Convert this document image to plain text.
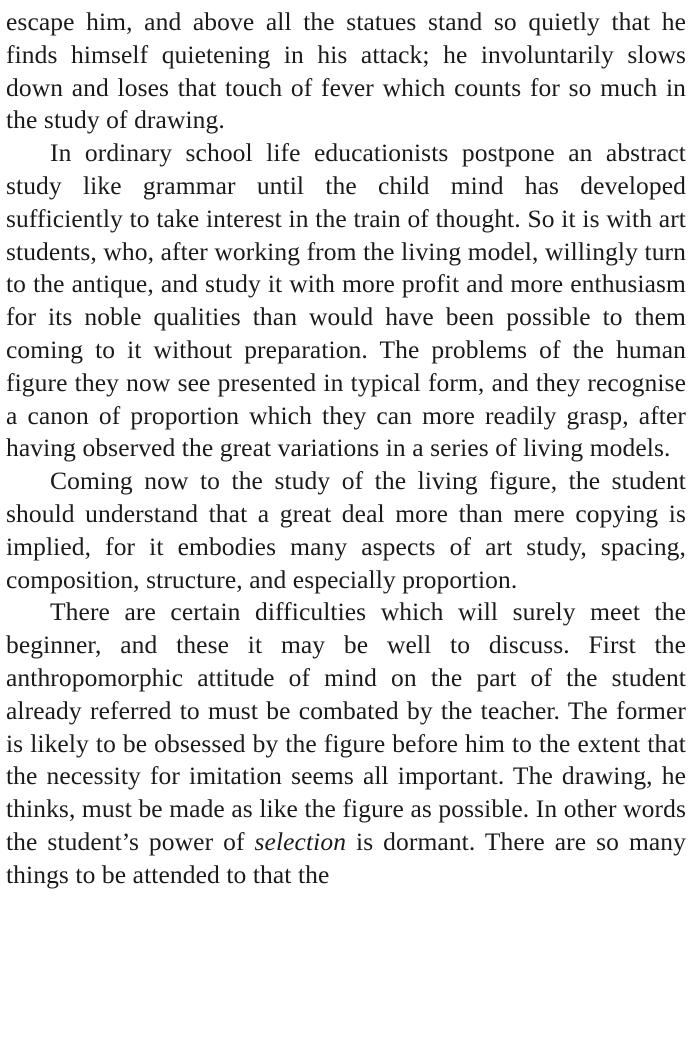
escape him, and above all the statues stand so quietly that he finds himself quietening in his attack; he involuntarily slows down and loses that touch of fever which counts for so much in the study of drawing.

In ordinary school life educationists postpone an abstract study like grammar until the child mind has developed sufficiently to take interest in the train of thought. So it is with art students, who, after working from the living model, willingly turn to the antique, and study it with more profit and more enthusiasm for its noble qualities than would have been possible to them coming to it without preparation. The problems of the human figure they now see presented in typical form, and they recognise a canon of proportion which they can more readily grasp, after having observed the great variations in a series of living models.

Coming now to the study of the living figure, the student should understand that a great deal more than mere copying is implied, for it embodies many aspects of art study, spacing, composition, structure, and especially proportion.

There are certain difficulties which will surely meet the beginner, and these it may be well to discuss. First the anthropomorphic attitude of mind on the part of the student already referred to must be combated by the teacher. The former is likely to be obsessed by the figure before him to the extent that the necessity for imitation seems all important. The drawing, he thinks, must be made as like the figure as possible. In other words the student’s power of selection is dormant. There are so many things to be attended to that the
